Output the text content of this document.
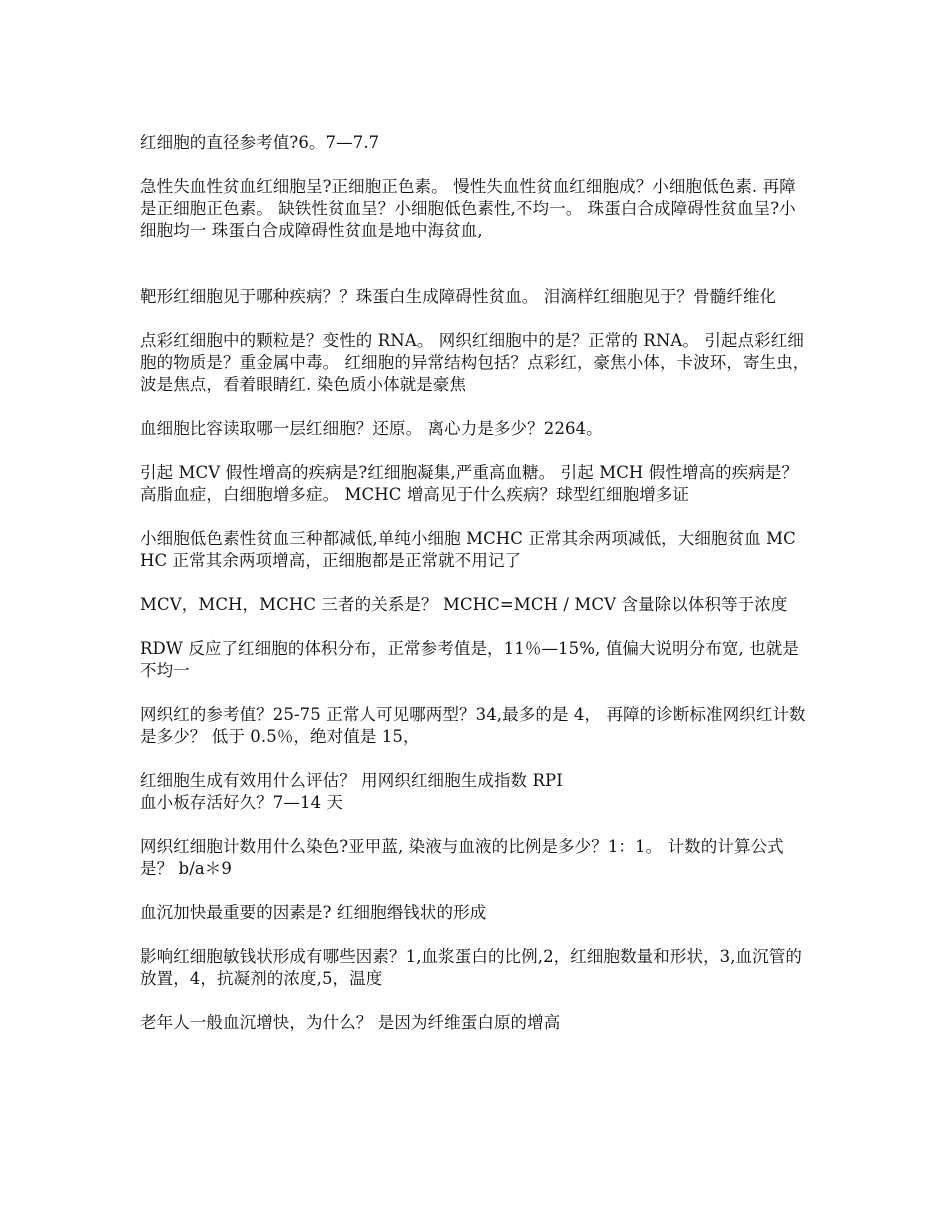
红细胞的直径参考值?6。7—7.7

急性失血性贫血红细胞呈?正细胞正色素。 慢性失血性贫血红细胞成？小细胞低色素. 再障是正细胞正色素。 缺铁性贫血呈？小细胞低色素性,不均一。 珠蛋白合成障碍性贫血呈?小细胞均一 珠蛋白合成障碍性贫血是地中海贫血,

靶形红细胞见于哪种疾病？？珠蛋白生成障碍性贫血。 泪滴样红细胞见于？骨髓纤维化

点彩红细胞中的颗粒是？变性的 RNA。 网织红细胞中的是？正常的 RNA。 引起点彩红细胞的物质是？重金属中毒。 红细胞的异常结构包括？点彩红，豪焦小体，卡波环，寄生虫， 波是焦点，看着眼睛红. 染色质小体就是豪焦

血细胞比容读取哪一层红细胞？还原。 离心力是多少？2264。

引起 MCV 假性增高的疾病是?红细胞凝集,严重高血糖。 引起 MCH 假性增高的疾病是？高脂血症，白细胞增多症。 MCHC 增高见于什么疾病？球型红细胞增多证

小细胞低色素性贫血三种都减低,单纯小细胞 MCHC 正常其余两项减低，大细胞贫血 MCHC 正常其余两项增高，正细胞都是正常就不用记了

MCV，MCH，MCHC 三者的关系是？ MCHC=MCH / MCV 含量除以体积等于浓度

RDW 反应了红细胞的体积分布，正常参考值是，11％—15%, 值偏大说明分布宽, 也就是不均一

网织红的参考值？25-75 正常人可见哪两型？34,最多的是 4， 再障的诊断标准网织红计数是多少？ 低于 0.5％，绝对值是 15，

红细胞生成有效用什么评估？ 用网织红细胞生成指数 RPI

血小板存活好久？7—14 天

网织红细胞计数用什么染色?亚甲蓝, 染液与血液的比例是多少？1：1。 计数的计算公式是？ b/a＊9

血沉加快最重要的因素是? 红细胞缗钱状的形成

影响红细胞敏钱状形成有哪些因素？1,血浆蛋白的比例,2，红细胞数量和形状，3,血沉管的放置，4，抗凝剂的浓度,5，温度

老年人一般血沉增快，为什么？ 是因为纤维蛋白原的增高
